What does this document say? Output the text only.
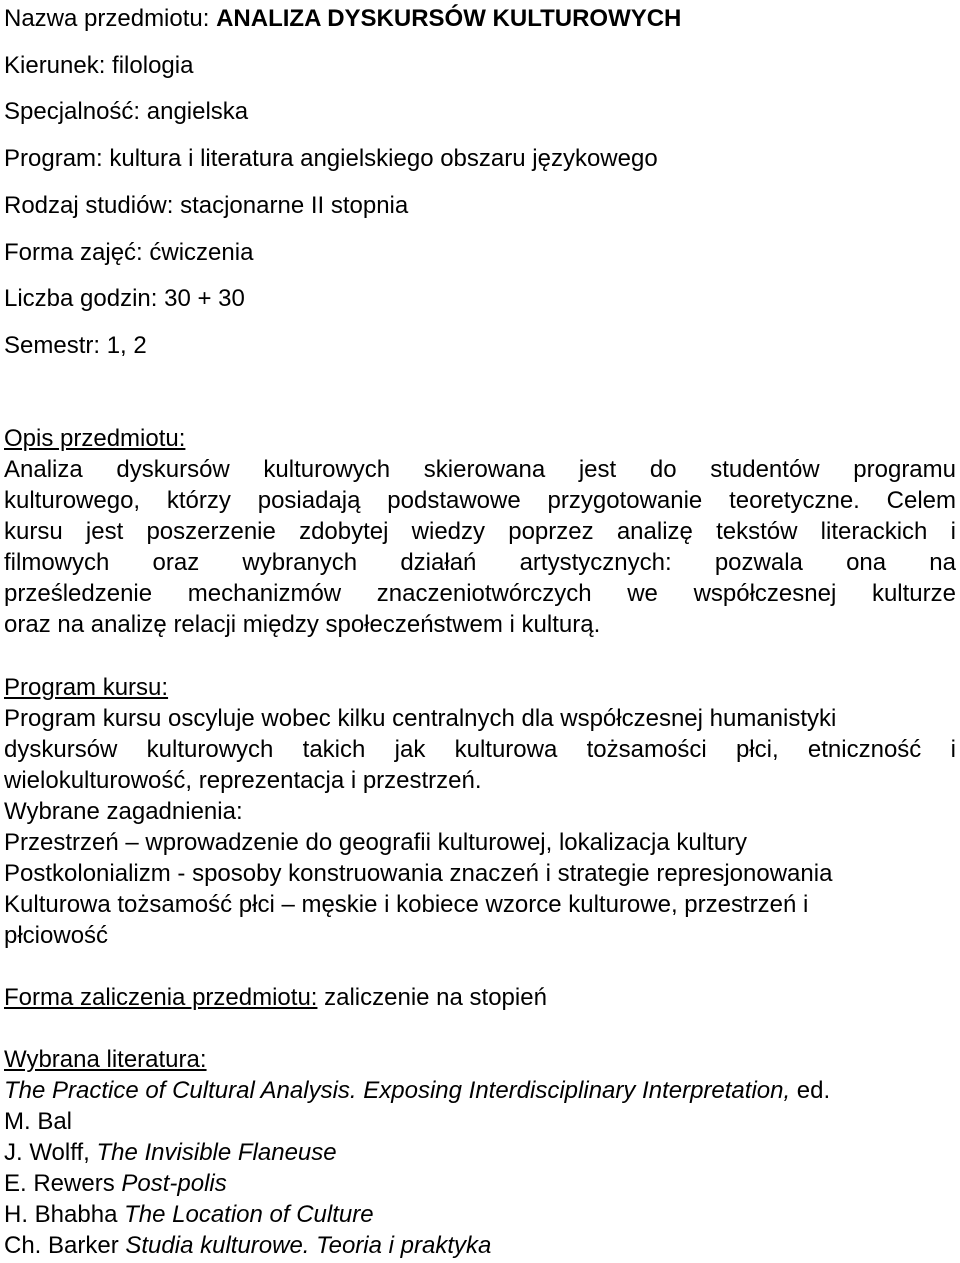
Nazwa przedmiotu: ANALIZA DYSKURSÓW KULTUROWYCH
Kierunek: filologia
Specjalność: angielska
Program: kultura i literatura angielskiego obszaru językowego
Rodzaj studiów: stacjonarne II stopnia
Forma zajęć: ćwiczenia
Liczba godzin: 30 + 30
Semestr: 1, 2
Opis przedmiotu:
Analiza dyskursów kulturowych skierowana jest do studentów programu
kulturowego, którzy posiadają podstawowe przygotowanie teoretyczne. Celem
kursu jest poszerzenie zdobytej wiedzy poprzez analizę tekstów literackich i
filmowych oraz wybranych działań artystycznych: pozwala ona na
prześledzenie mechanizmów znaczeniotwórczych we współczesnej kulturze
oraz na analizę relacji między społeczeństwem i kulturą.
Program kursu:
Program kursu oscyluje wobec kilku centralnych dla współczesnej humanistyki
dyskursów kulturowych takich jak kulturowa tożsamości płci, etniczność i
wielokulturowość, reprezentacja i przestrzeń.
Wybrane zagadnienia:
Przestrzeń – wprowadzenie do geografii kulturowej, lokalizacja kultury
Postkolonializm - sposoby konstruowania znaczeń i strategie represjonowania
Kulturowa tożsamość płci – męskie i kobiece wzorce kulturowe, przestrzeń i
płciowość
Forma zaliczenia przedmiotu: zaliczenie na stopień
Wybrana literatura:
The Practice of Cultural Analysis. Exposing Interdisciplinary Interpretation, ed.
M. Bal
J. Wolff, The Invisible Flaneuse
E. Rewers Post-polis
H. Bhabha The Location of Culture
Ch. Barker Studia kulturowe. Teoria i praktyka
